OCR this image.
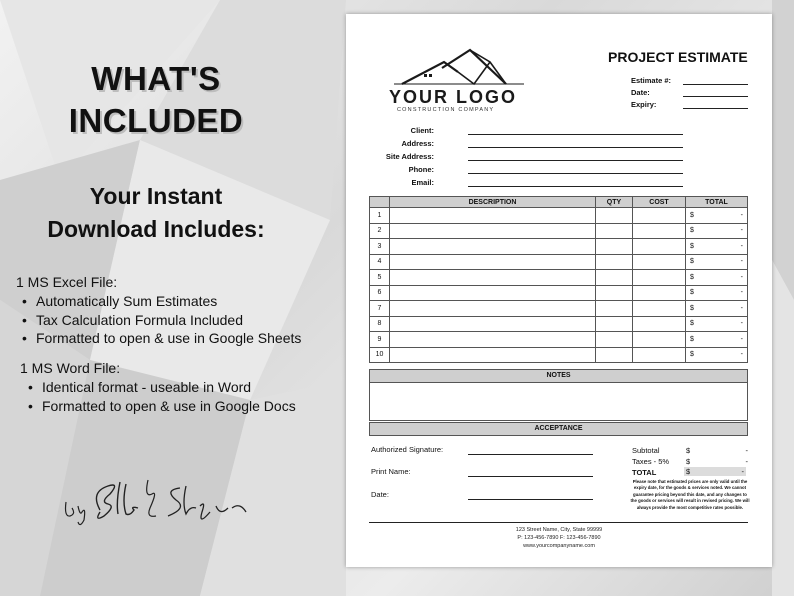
WHAT'S
INCLUDED
Your Instant
Download Includes:
1 MS Excel File:
• Automatically Sum Estimates
• Tax Calculation Formula Included
• Formatted to open & use in Google Sheets
1 MS Word File:
• Identical format - useable in Word
• Formatted to open & use in Google Docs
YOUR LOGO
CONSTRUCTION COMPANY
PROJECT ESTIMATE
Estimate #:
Date:
Expiry:
Client:
Address:
Site Address:
Phone:
Email:
	DESCRIPTION	QTY	COST	TOTAL
1				$ -

2				$ -

3				$ -

4				$ -

5				$ -

6				$ -

7				$ -

8				$ -

9				$ -

10				$ -
NOTES
ACCEPTANCE
Authorized Signature:
Print Name:
Date:
Subtotal	$	-
Taxes - 5% $	-
TOTAL	$	-
Please note that estimated prices are only valid until the expiry date, for the goods & services noted. We cannot guarantee pricing beyond this date, and any changes to the goods or services will result in revised pricing. We will always provide the most competitive rates possible.
123 Street Name, City, State 99999
P: 123-456-7890 F: 123-456-7890
www.yourcompanyname.com
